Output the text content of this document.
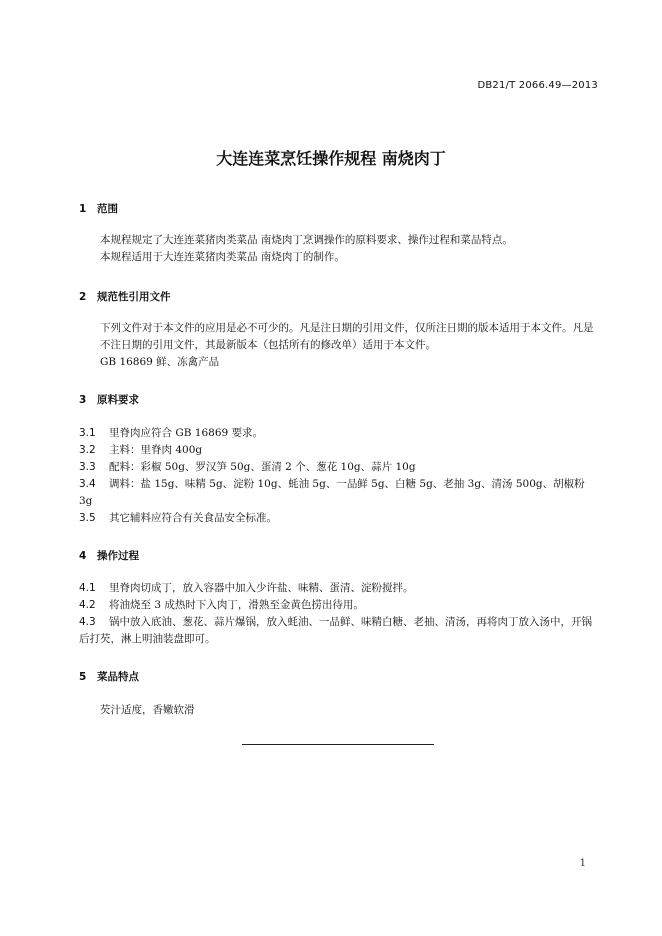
DB21/T 2066.49—2013
大连连菜烹饪操作规程 南烧肉丁
1 范围
本规程规定了大连连菜猪肉类菜品 南烧肉丁烹调操作的原料要求、操作过程和菜品特点。
本规程适用于大连连菜猪肉类菜品 南烧肉丁的制作。
2 规范性引用文件
下列文件对于本文件的应用是必不可少的。凡是注日期的引用文件，仅所注日期的版本适用于本文件。凡是不注日期的引用文件，其最新版本（包括所有的修改单）适用于本文件。
GB 16869 鲜、冻禽产品
3 原料要求
3.1 里脊肉应符合 GB 16869 要求。
3.2 主料：里脊肉 400g
3.3 配料：彩椒 50g、罗汉笋 50g、蛋清 2 个、葱花 10g、蒜片 10g
3.4 调料：盐 15g、味精 5g、淀粉 10g、蚝油 5g、一品鲜 5g、白糖 5g、老抽 3g、清汤 500g、胡椒粉 3g
3.5 其它辅料应符合有关食品安全标准。
4 操作过程
4.1 里脊肉切成丁，放入容器中加入少许盐、味精、蛋清、淀粉搅拌。
4.2 将油烧至 3 成热时下入肉丁，滑熟至金黄色捞出待用。
4.3 锅中放入底油、葱花、蒜片爆锅，放入蚝油、一品鲜、味精白糖、老抽、清汤，再将肉丁放入汤中，开锅后打芡，淋上明油装盘即可。
5 菜品特点
芡汁适度，香嫩软滑
1
